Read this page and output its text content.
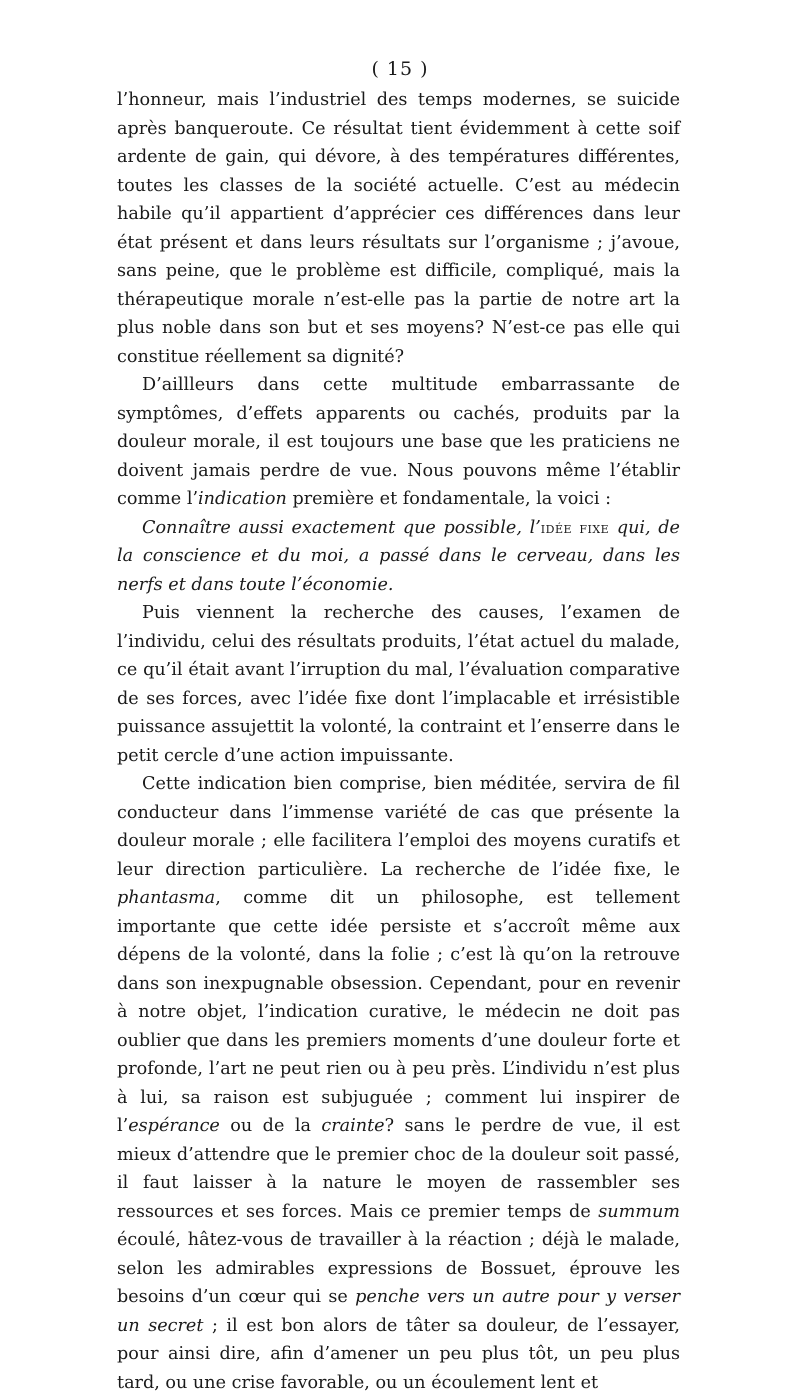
( 15 )

l’honneur, mais l’industriel des temps modernes, se suicide après banqueroute. Ce résultat tient évidemment à cette soif ardente de gain, qui dévore, à des températures différentes, toutes les classes de la société actuelle. C’est au médecin habile qu’il appartient d’apprécier ces différences dans leur état présent et dans leurs résultats sur l’organisme ; j’avoue, sans peine, que le problème est difficile, compliqué, mais la thérapeutique morale n’est-elle pas la partie de notre art la plus noble dans son but et ses moyens? N’est-ce pas elle qui constitue réellement sa dignité?

D’aillleurs dans cette multitude embarrassante de symptômes, d’effets apparents ou cachés, produits par la douleur morale, il est toujours une base que les praticiens ne doivent jamais perdre de vue. Nous pouvons même l’établir comme l’indication première et fondamentale, la voici :

Connaître aussi exactement que possible, l’idée fixe qui, de la conscience et du moi, a passé dans le cerveau, dans les nerfs et dans toute l’économie.

Puis viennent la recherche des causes, l’examen de l’individu, celui des résultats produits, l’état actuel du malade, ce qu’il était avant l’irruption du mal, l’évaluation comparative de ses forces, avec l’idée fixe dont l’implacable et irrésistible puissance assujettit la volonté, la contraint et l’enserre dans le petit cercle d’une action impuissante.

Cette indication bien comprise, bien méditée, servira de fil conducteur dans l’immense variété de cas que présente la douleur morale ; elle facilitera l’emploi des moyens curatifs et leur direction particulière. La recherche de l’idée fixe, le phantasma, comme dit un philosophe, est tellement importante que cette idée persiste et s’accroît même aux dépens de la volonté, dans la folie ; c’est là qu’on la retrouve dans son inexpugnable obsession. Cependant, pour en revenir à notre objet, l’indication curative, le médecin ne doit pas oublier que dans les premiers moments d’une douleur forte et profonde, l’art ne peut rien ou à peu près. L’individu n’est plus à lui, sa raison est subjuguée ; comment lui inspirer de l’espérance ou de la crainte? sans le perdre de vue, il est mieux d’attendre que le premier choc de la douleur soit passé, il faut laisser à la nature le moyen de rassembler ses ressources et ses forces. Mais ce premier temps de summum écoulé, hâtez-vous de travailler à la réaction ; déjà le malade, selon les admirables expressions de Bossuet, éprouve les besoins d’un cœur qui se penche vers un autre pour y verser un secret ; il est bon alors de tâter sa douleur, de l’essayer, pour ainsi dire, afin d’amener un peu plus tôt, un peu plus tard, ou une crise favorable, ou un écoulement lent et
